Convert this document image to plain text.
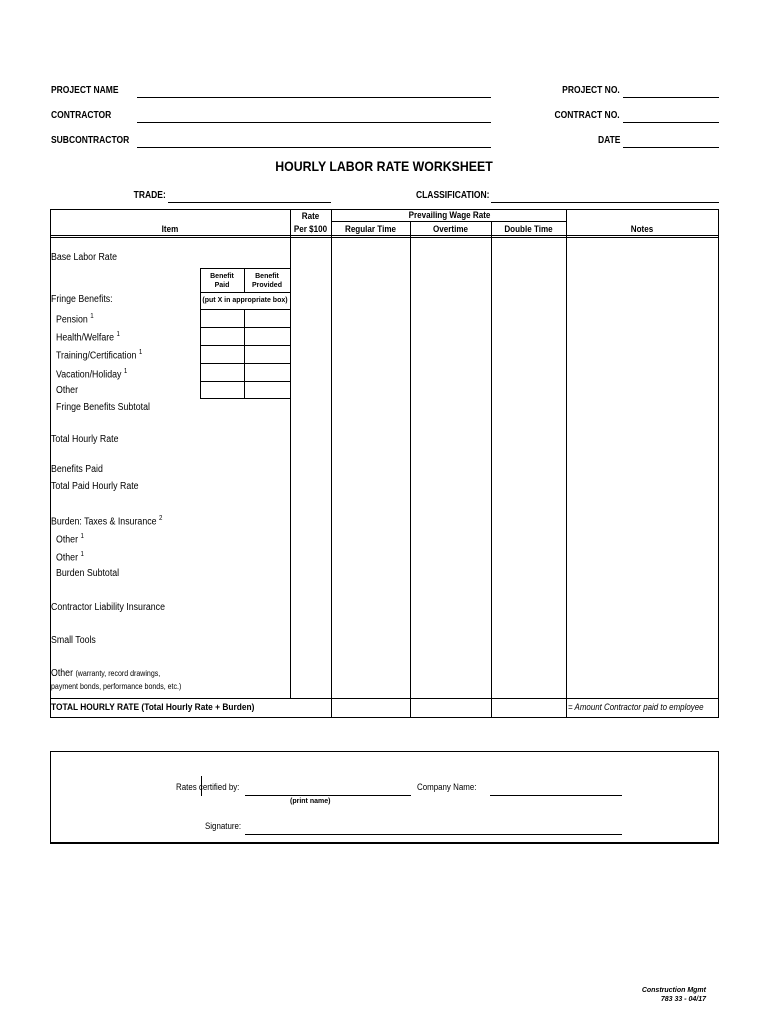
PROJECT NAME
CONTRACTOR
SUBCONTRACTOR
PROJECT NO.
CONTRACT NO.
DATE
HOURLY LABOR RATE WORKSHEET
TRADE:	CLASSIFICATION:
Item
Rate
Per $100
Prevailing Wage Rate
Regular Time	Overtime	Double Time	Notes
Benefit
Paid
Benefit
Provided
(put X in appropriate box)
Base Labor Rate
Fringe Benefits:
Pension $^1$
Health/Welfare $^1$
Training/Certification $^1$
Vacation/Holiday $^1$
Other
Fringe Benefits Subtotal
Total Hourly Rate
Benefits Paid
Total Paid Hourly Rate
Burden: Taxes & Insurance $^2$
Other $^1$
Other $^1$
Burden Subtotal
Contractor Liability Insurance
Small Tools
Other (warranty, record drawings,
payment bonds, performance bonds, etc.)
TOTAL HOURLY RATE (Total Hourly Rate + Burden)	= Amount Contractor paid to employee
Rates certified by:
(print name)
Company Name:
Signature:
Construction Mgmt
783 33 - 04/17
